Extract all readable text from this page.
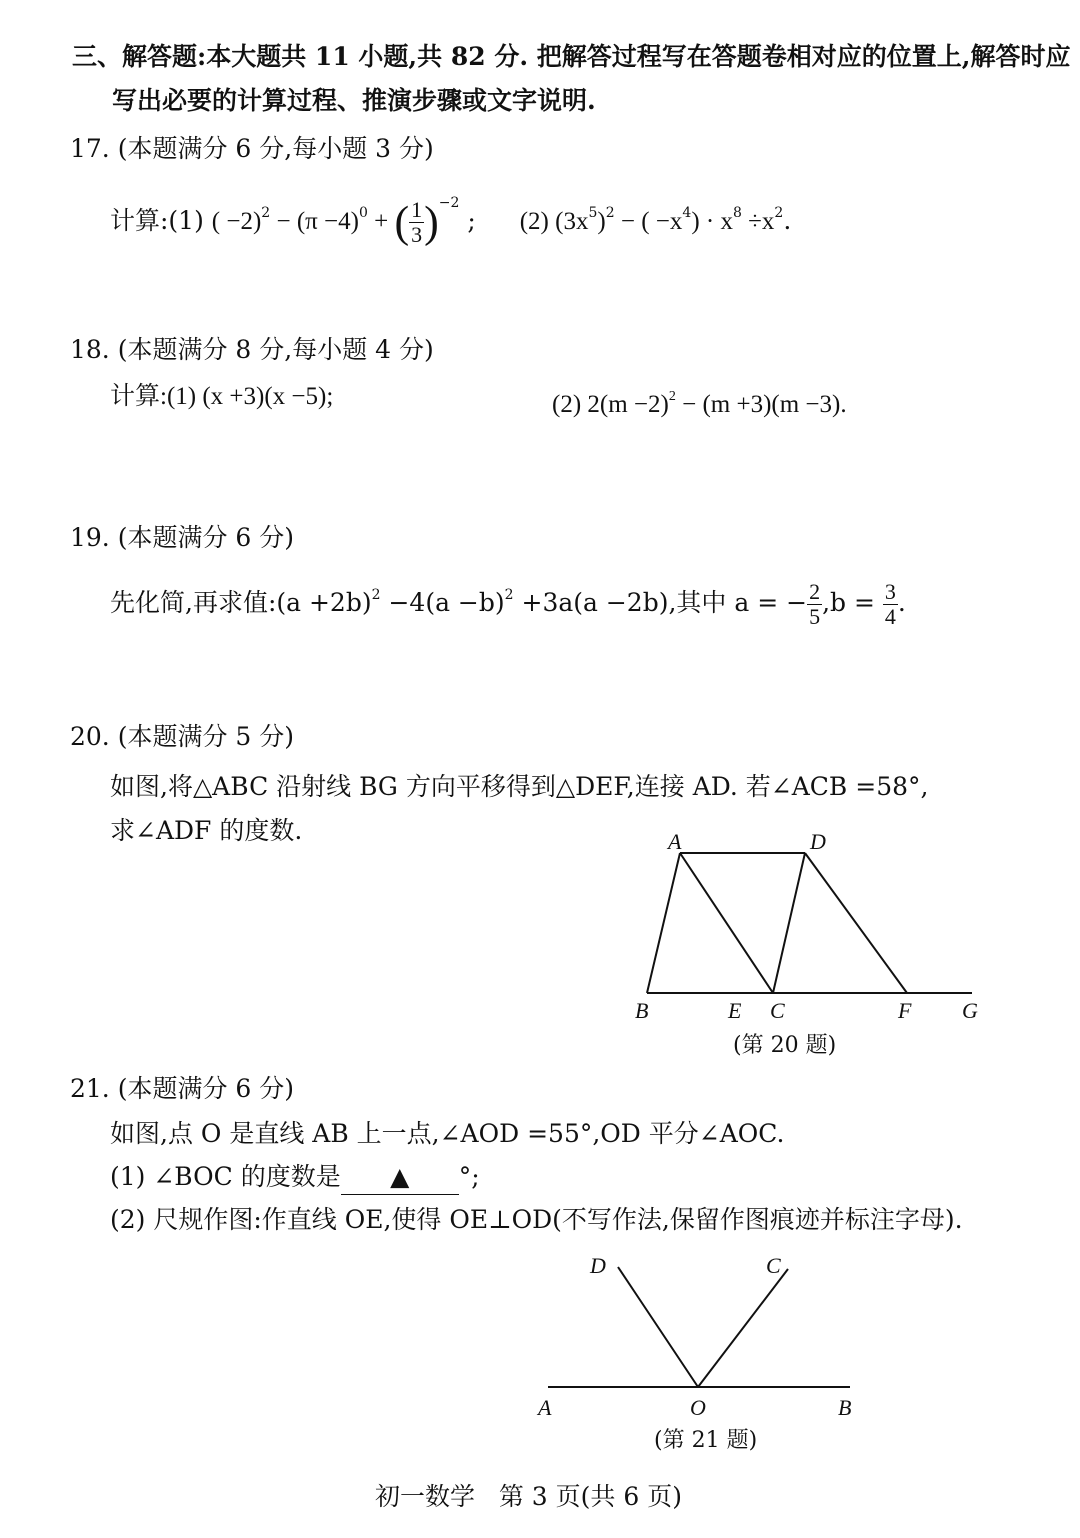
三、解答题:本大题共 11 小题,共 82 分. 把解答过程写在答题卷相对应的位置上,解答时应
写出必要的计算过程、推演步骤或文字说明.
17. (本题满分 6 分,每小题 3 分)
计算:(1) ( $-2)^2 - (\pi -4)^0$ + ( $\frac{1}{3} )^{-2}$ ; (2) $(3x^5)^2$ − ( $-x^4) \cdot x^8 \div x^2$.
18. (本题满分 8 分,每小题 4 分)
计算:(1) (x +3)(x −5);	(2) $2(m -2)^2 - (m +3)(m -3)$.
19. (本题满分 6 分)
先化简,再求值:(a $+2b)^2 -4(a -b)^2 +3a(a -2b)$,其中 a = − $\frac{2}{5} ,b = \frac{3}{4}$ .
20. (本题满分 5 分)
如图,将△ABC 沿射线 BG 方向平移得到△DEF,连接 AD. 若∠ACB =58°,
求∠ADF 的度数.	A	D
B	E C	F G
(第 20 题)
21. (本题满分 6 分)
如图,点 O 是直线 AB 上一点,∠AOD =55°,OD 平分∠AOC.
(1) ∠BOC 的度数是 ▲ °;
(2) 尺规作图:作直线 OE,使得 OE⊥OD(不写作法,保留作图痕迹并标注字母).
D	C
A	O	B
(第 21 题)
初一数学   第 3 页(共 6 页)
